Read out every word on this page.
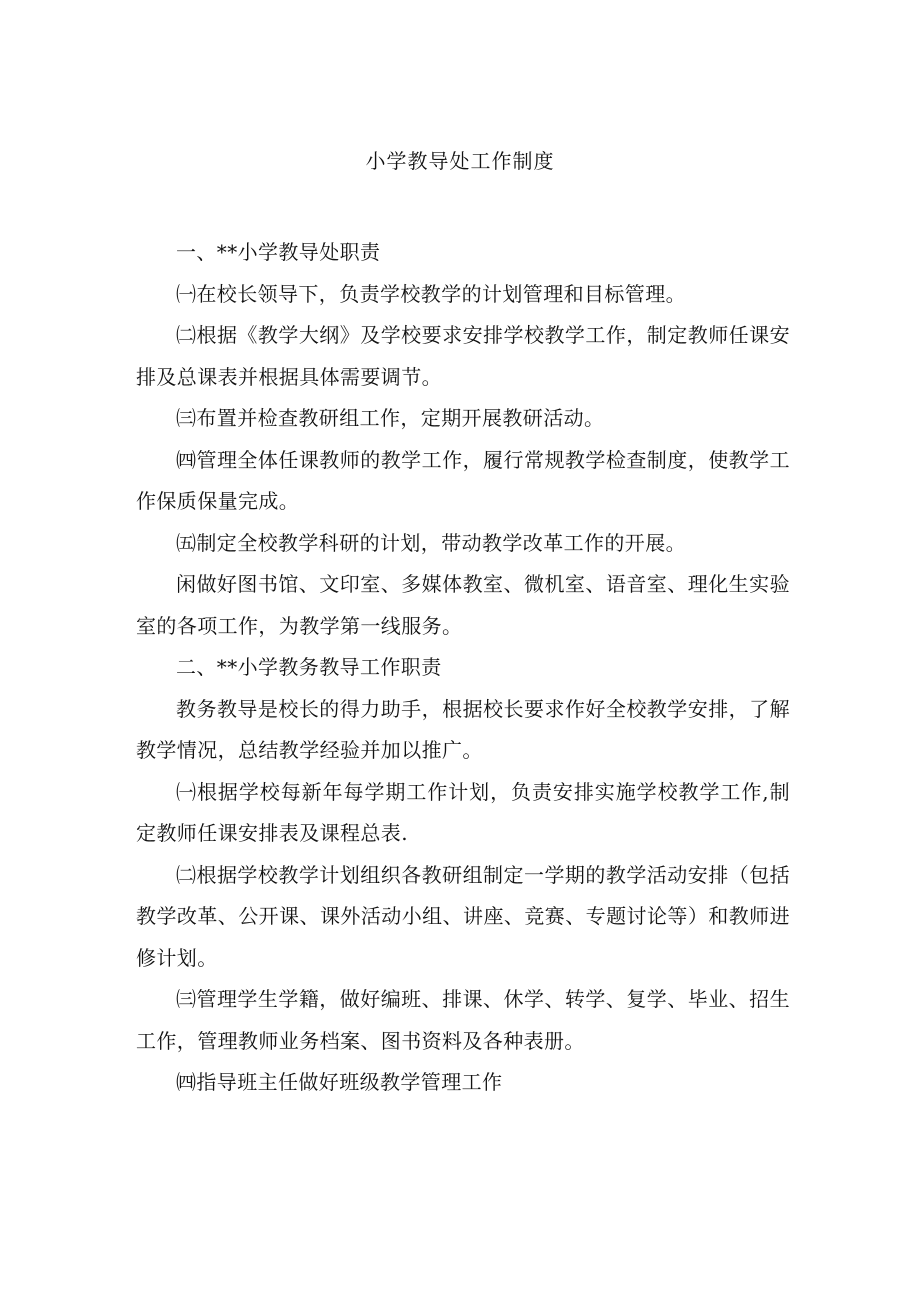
小学教导处工作制度

一、**小学教导处职责

㈠在校长领导下，负责学校教学的计划管理和目标管理。

㈡根据《教学大纲》及学校要求安排学校教学工作，制定教师任课安排及总课表并根据具体需要调节。

㈢布置并检查教研组工作，定期开展教研活动。

㈣管理全体任课教师的教学工作，履行常规教学检查制度，使教学工作保质保量完成。

㈤制定全校教学科研的计划，带动教学改革工作的开展。

闲做好图书馆、文印室、多媒体教室、微机室、语音室、理化生实验室的各项工作，为教学第一线服务。

二、**小学教务教导工作职责

教务教导是校长的得力助手，根据校长要求作好全校教学安排，了解教学情况，总结教学经验并加以推广。

㈠根据学校每新年每学期工作计划，负责安排实施学校教学工作,制定教师任课安排表及课程总表.

㈡根据学校教学计划组织各教研组制定一学期的教学活动安排（包括教学改革、公开课、课外活动小组、讲座、竞赛、专题讨论等）和教师进修计划。

㈢管理学生学籍，做好编班、排课、休学、转学、复学、毕业、招生工作，管理教师业务档案、图书资料及各种表册。

㈣指导班主任做好班级教学管理工作
